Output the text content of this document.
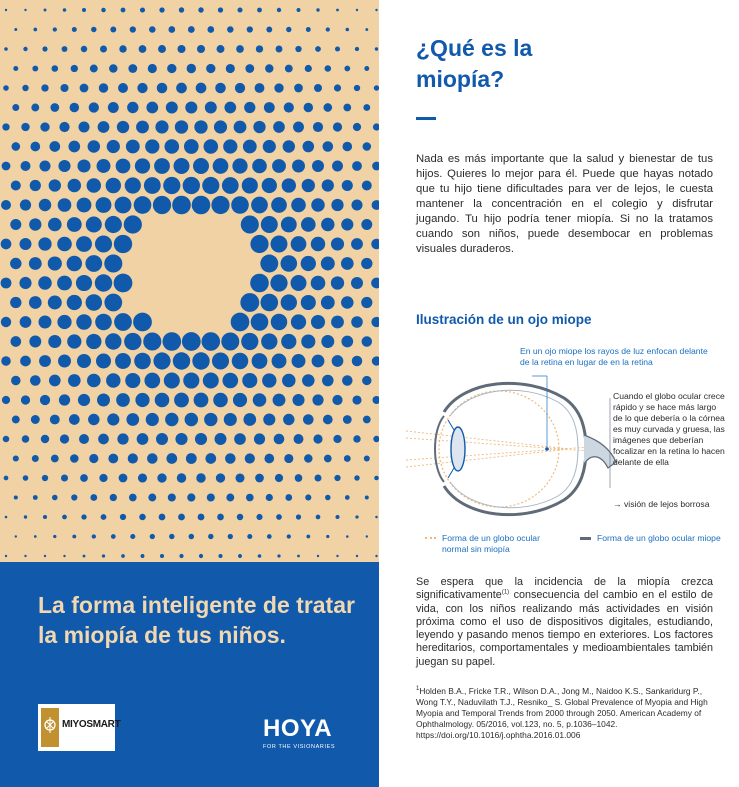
La forma inteligente de tratar la miopía de tus niños.

MIYOSMART	HOYA
FOR THE VISIONARIES
¿Qué es la miopía?

Nada es más importante que la salud y bienestar de tus hijos. Quieres lo mejor para él. Puede que hayas notado que tu hijo tiene dificultades para ver de lejos, le cuesta mantener la concentración en el colegio y disfrutar jugando. Tu hijo podría tener miopía. Si no la tratamos cuando son niños, puede desembocar en problemas visuales duraderos.

Ilustración de un ojo miope

En un ojo miope los rayos de luz enfocan delante de la retina en lugar de en la retina

Cuando el globo ocular crece rápido y se hace más largo de lo que debería o la córnea es muy curvada y gruesa, las imágenes que deberían focalizar en la retina lo hacen delante de ella

→ visión de lejos borrosa

Forma de un globo ocular normal sin miopía

Forma de un globo ocular miope

Se espera que la incidencia de la miopía crezca significativamente$^{(1)}$ consecuencia del cambio en el estilo de vida, con los niños realizando más actividades en visión próxima como el uso de dispositivos digitales, estudiando, leyendo y pasando menos tiempo en exteriores. Los factores hereditarios, comportamentales y medioambientales también juegan su papel.

$^1$Holden B.A., Fricke T.R., Wilson D.A., Jong M., Naidoo K.S., Sankaridurg P., Wong T.Y., Naduvilath T.J., Resniko_ S. Global Prevalence of Myopia and High Myopia and Temporal Trends from 2000 through 2050. American Academy of Ophthalmology. 05/2016, vol.123, no. 5, p.1036–1042. https://doi.org/10.1016/j.ophtha.2016.01.006
